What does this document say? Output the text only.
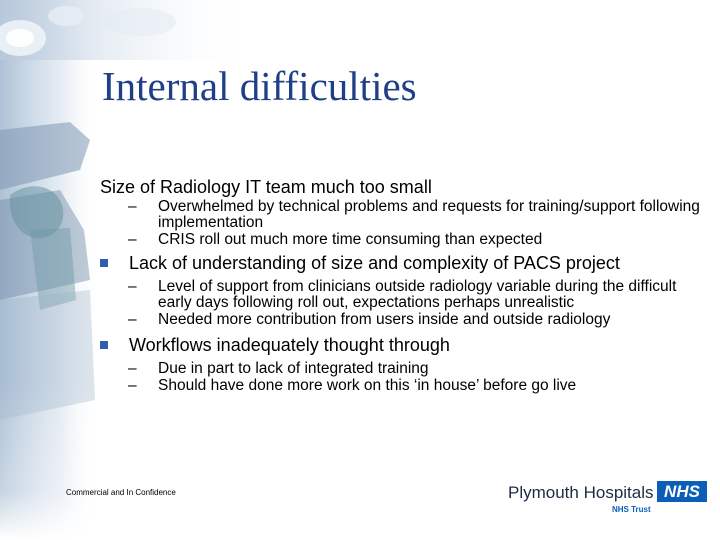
Internal difficulties
Size of Radiology IT team much too small
– Overwhelmed by technical problems and requests for training/support following implementation
– CRIS roll out much more time consuming than expected
Lack of understanding of size and complexity of PACS project
– Level of support from clinicians outside radiology variable during the difficult early days following roll out, expectations perhaps unrealistic
– Needed more contribution from users inside and outside radiology
Workflows inadequately thought through
– Due in part to lack of integrated training
– Should have done more work on this ‘in house’ before go live
Commercial and In Confidence	Plymouth Hospitals NHS
NHS Trust
